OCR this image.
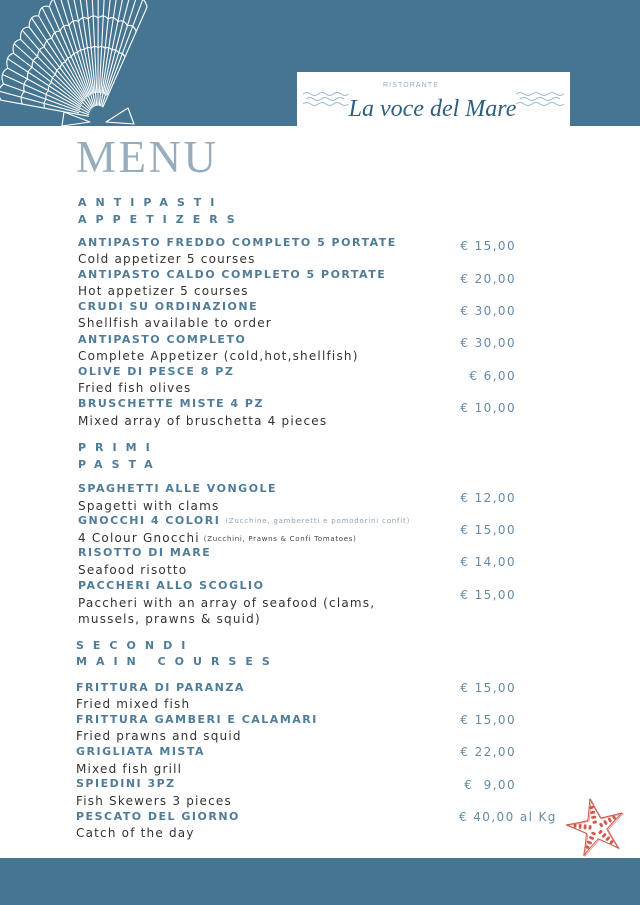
RISTORANTE
La voce del Mare
MENU
ANTIPASTI
APPETIZERS
ANTIPASTO FREDDO COMPLETO 5 PORTATE
Cold appetizer 5 courses
€ 15,00
ANTIPASTO CALDO COMPLETO 5 PORTATE
Hot appetizer 5 courses
€ 20,00
CRUDI SU ORDINAZIONE
Shellfish available to order
€ 30,00
ANTIPASTO COMPLETO
Complete Appetizer (cold,hot,shellfish)
€ 30,00
OLIVE DI PESCE 8 PZ
Fried fish olives
€ 6,00
BRUSCHETTE MISTE 4 PZ
Mixed array of bruschetta 4 pieces
€ 10,00
PRIMI
PASTA
SPAGHETTI ALLE VONGOLE
Spagetti with clams
€ 12,00
GNOCCHI 4 COLORI (Zucchine, gamberetti e pomodorini confit)
4 Colour Gnocchi (Zucchini, Prawns & Confi Tomatoes)
€ 15,00
RISOTTO DI MARE
Seafood risotto
€ 14,00
PACCHERI ALLO SCOGLIO
Paccheri with an array of seafood (clams,
mussels, prawns & squid)
€ 15,00
SECONDI
MAIN COURSES
FRITTURA DI PARANZA
Fried mixed fish
€ 15,00
FRITTURA GAMBERI E CALAMARI
Fried prawns and squid
€ 15,00
GRIGLIATA MISTA
Mixed fish grill
€ 22,00
SPIEDINI 3PZ
Fish Skewers 3 pieces
€  9,00
PESCATO DEL GIORNO
Catch of the day
€ 40,00 al Kg
